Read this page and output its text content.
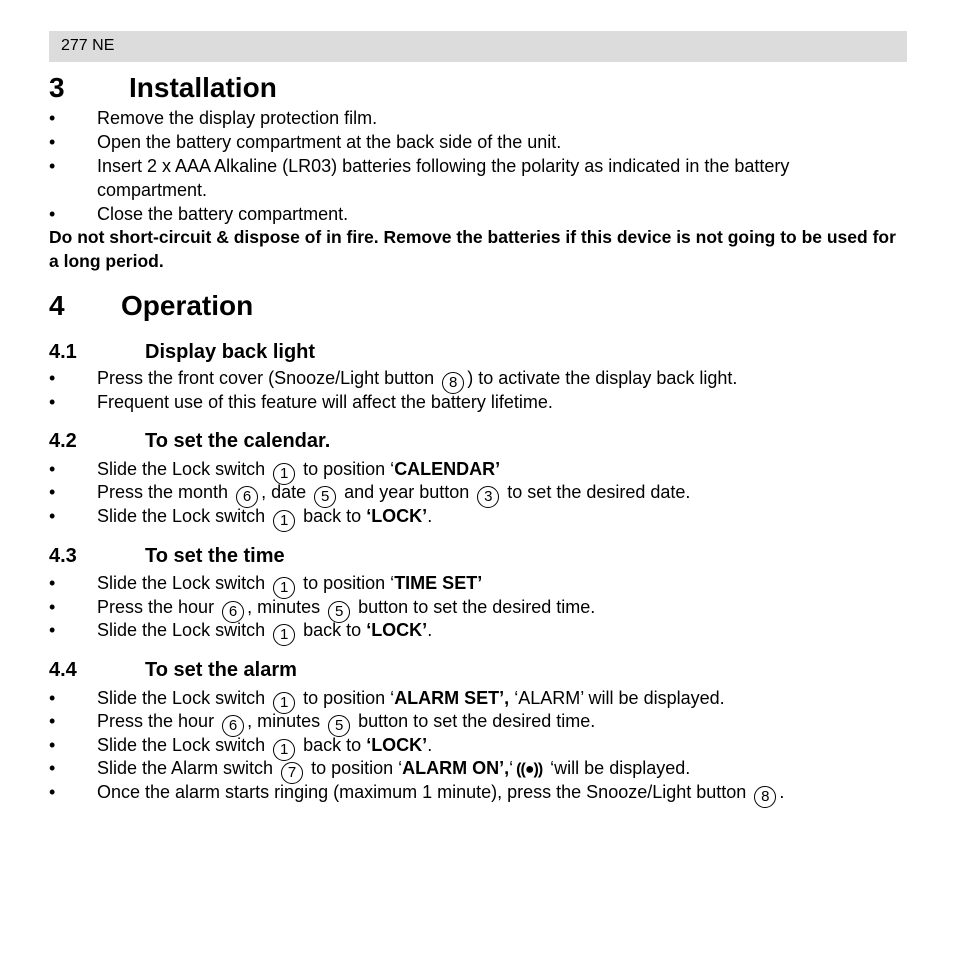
277 NE
3 Installation
• Remove the display protection film.
• Open the battery compartment at the back side of the unit.
• Insert 2 x AAA Alkaline (LR03) batteries following the polarity as indicated in the battery compartment.
• Close the battery compartment.
Do not short-circuit & dispose of in fire. Remove the batteries if this device is not going to be used for a long period.
4 Operation
4.1	Display back light
• Press the front cover (Snooze/Light button 8 ) to activate the display back light.
• Frequent use of this feature will affect the battery lifetime.
4.2	To set the calendar.
• Slide the Lock switch 1 to position ‘CALENDAR’
• Press the month 6 , date 5 and year button 3 to set the desired date.
• Slide the Lock switch 1 back to ‘LOCK’.
4.3	To set the time
• Slide the Lock switch 1 to position ‘TIME SET’
• Press the hour 6 , minutes 5 button to set the desired time.
• Slide the Lock switch 1 back to ‘LOCK’.
4.4	To set the alarm
• Slide the Lock switch 1 to position ‘ALARM SET’, ‘ALARM’ will be displayed.
• Press the hour 6 , minutes 5 button to set the desired time.
• Slide the Lock switch 1 back to ‘LOCK’.
• Slide the Alarm switch 7 to position ‘ALARM ON’,‘ ((●)) ‘will be displayed.
• Once the alarm starts ringing (maximum 1 minute), press the Snooze/Light button 8 .
